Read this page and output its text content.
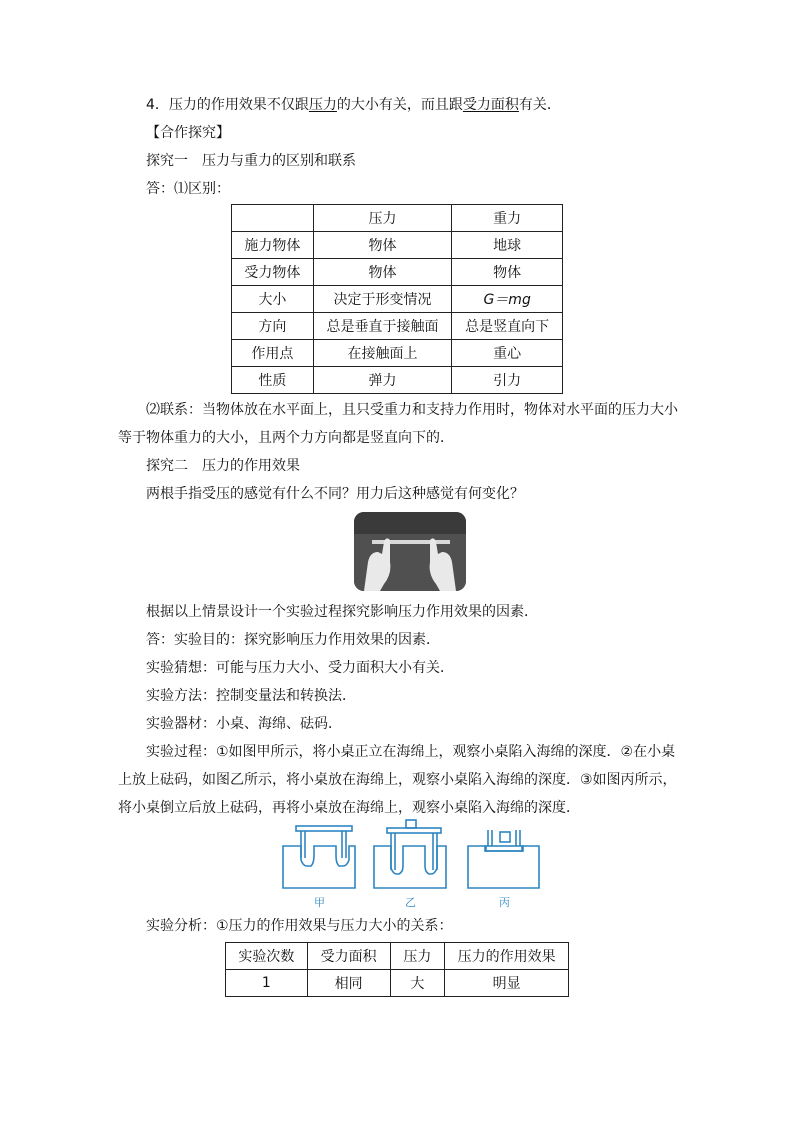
4．压力的作用效果不仅跟压力的大小有关，而且跟受力面积有关．
【合作探究】
探究一　压力与重力的区别和联系
答：⑴区别：
	压力	重力
施力物体	物体	地球
受力物体	物体	物体
大小	决定于形变情况	G＝mg
方向	总是垂直于接触面	总是竖直向下
作用点	在接触面上	重心
性质	弹力	引力
⑵联系：当物体放在水平面上，且只受重力和支持力作用时，物体对水平面的压力大小
等于物体重力的大小，且两个力方向都是竖直向下的．
探究二　压力的作用效果
两根手指受压的感觉有什么不同？用力后这种感觉有何变化？
根据以上情景设计一个实验过程探究影响压力作用效果的因素．
答：实验目的：探究影响压力作用效果的因素．
实验猜想：可能与压力大小、受力面积大小有关．
实验方法：控制变量法和转换法．
实验器材：小桌、海绵、砝码．
实验过程：①如图甲所示，将小桌正立在海绵上，观察小桌陷入海绵的深度．②在小桌
上放上砝码，如图乙所示，将小桌放在海绵上，观察小桌陷入海绵的深度．③如图丙所示，
将小桌倒立后放上砝码，再将小桌放在海绵上，观察小桌陷入海绵的深度．
甲	乙	丙
实验分析：①压力的作用效果与压力大小的关系：
实验次数	受力面积	压力	压力的作用效果
1	相同	大	明显
